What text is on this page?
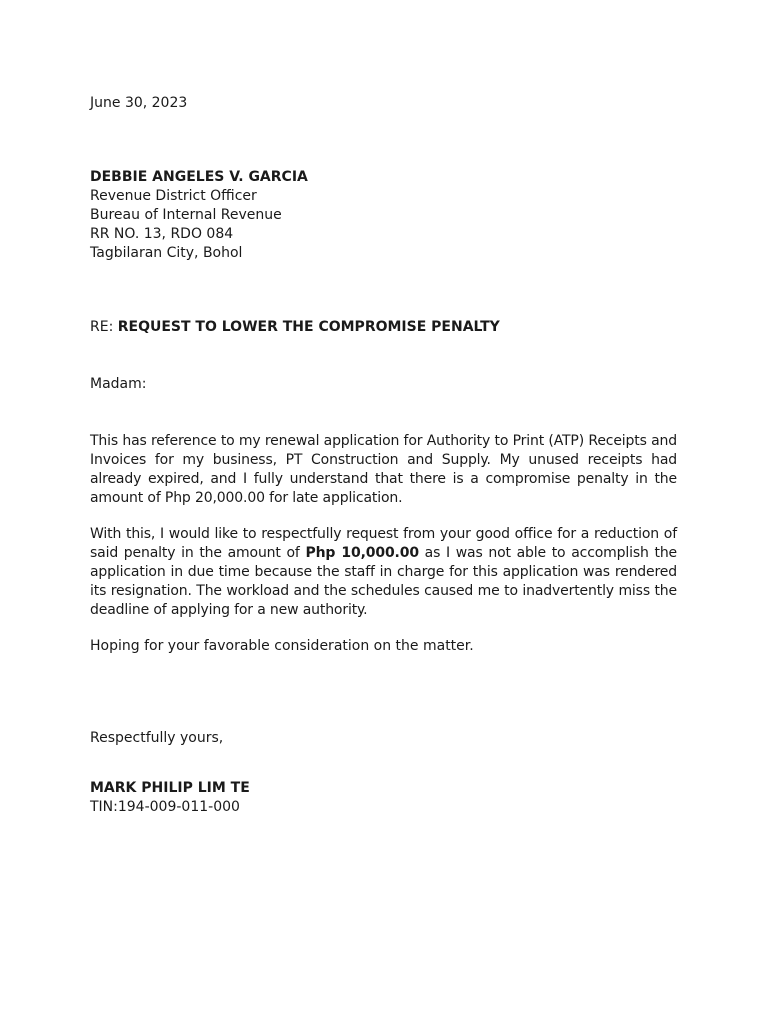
June 30, 2023
DEBBIE ANGELES V. GARCIA
Revenue District Officer
Bureau of Internal Revenue
RR NO. 13, RDO 084
Tagbilaran City, Bohol
RE: REQUEST TO LOWER THE COMPROMISE PENALTY
Madam:
This has reference to my renewal application for Authority to Print (ATP) Receipts and Invoices for my business, PT Construction and Supply. My unused receipts had already expired, and I fully understand that there is a compromise penalty in the amount of Php 20,000.00 for late application.
With this, I would like to respectfully request from your good office for a reduction of said penalty in the amount of Php 10,000.00 as I was not able to accomplish the application in due time because the staff in charge for this application was rendered its resignation. The workload and the schedules caused me to inadvertently miss the deadline of applying for a new authority.
Hoping for your favorable consideration on the matter.
Respectfully yours,
MARK PHILIP LIM TE
TIN:194-009-011-000
